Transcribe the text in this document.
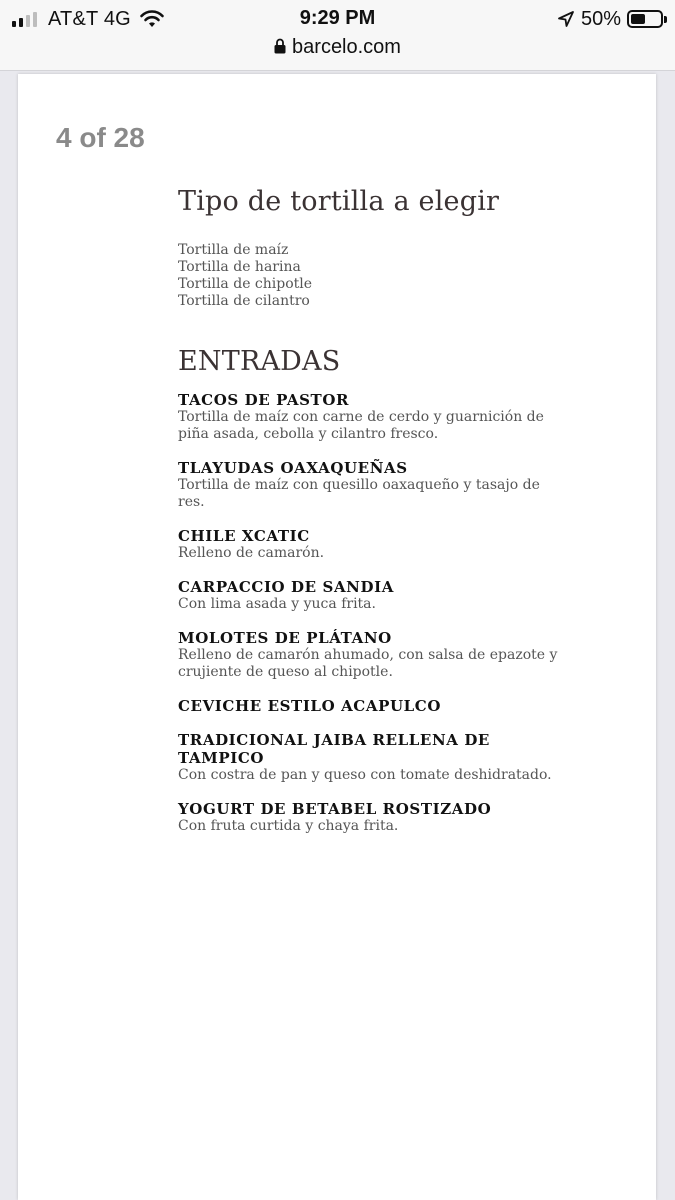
AT&T 4G	9:29 PM	50%
barcelo.com
4 of 28
Tipo de tortilla a elegir
Tortilla de maíz
Tortilla de harina
Tortilla de chipotle
Tortilla de cilantro
ENTRADAS
TACOS DE PASTOR
Tortilla de maíz con carne de cerdo y guarnición de piña asada, cebolla y cilantro fresco.
TLAYUDAS OAXAQUEÑAS
Tortilla de maíz con quesillo oaxaqueño y tasajo de res.
CHILE XCATIC
Relleno de camarón.
CARPACCIO DE SANDIA
Con lima asada y yuca frita.
MOLOTES DE PLÁTANO
Relleno de camarón ahumado, con salsa de epazote y crujiente de queso al chipotle.
CEVICHE ESTILO ACAPULCO
TRADICIONAL JAIBA RELLENA DE TAMPICO
Con costra de pan y queso con tomate deshidratado.
YOGURT DE BETABEL ROSTIZADO
Con fruta curtida y chaya frita.
